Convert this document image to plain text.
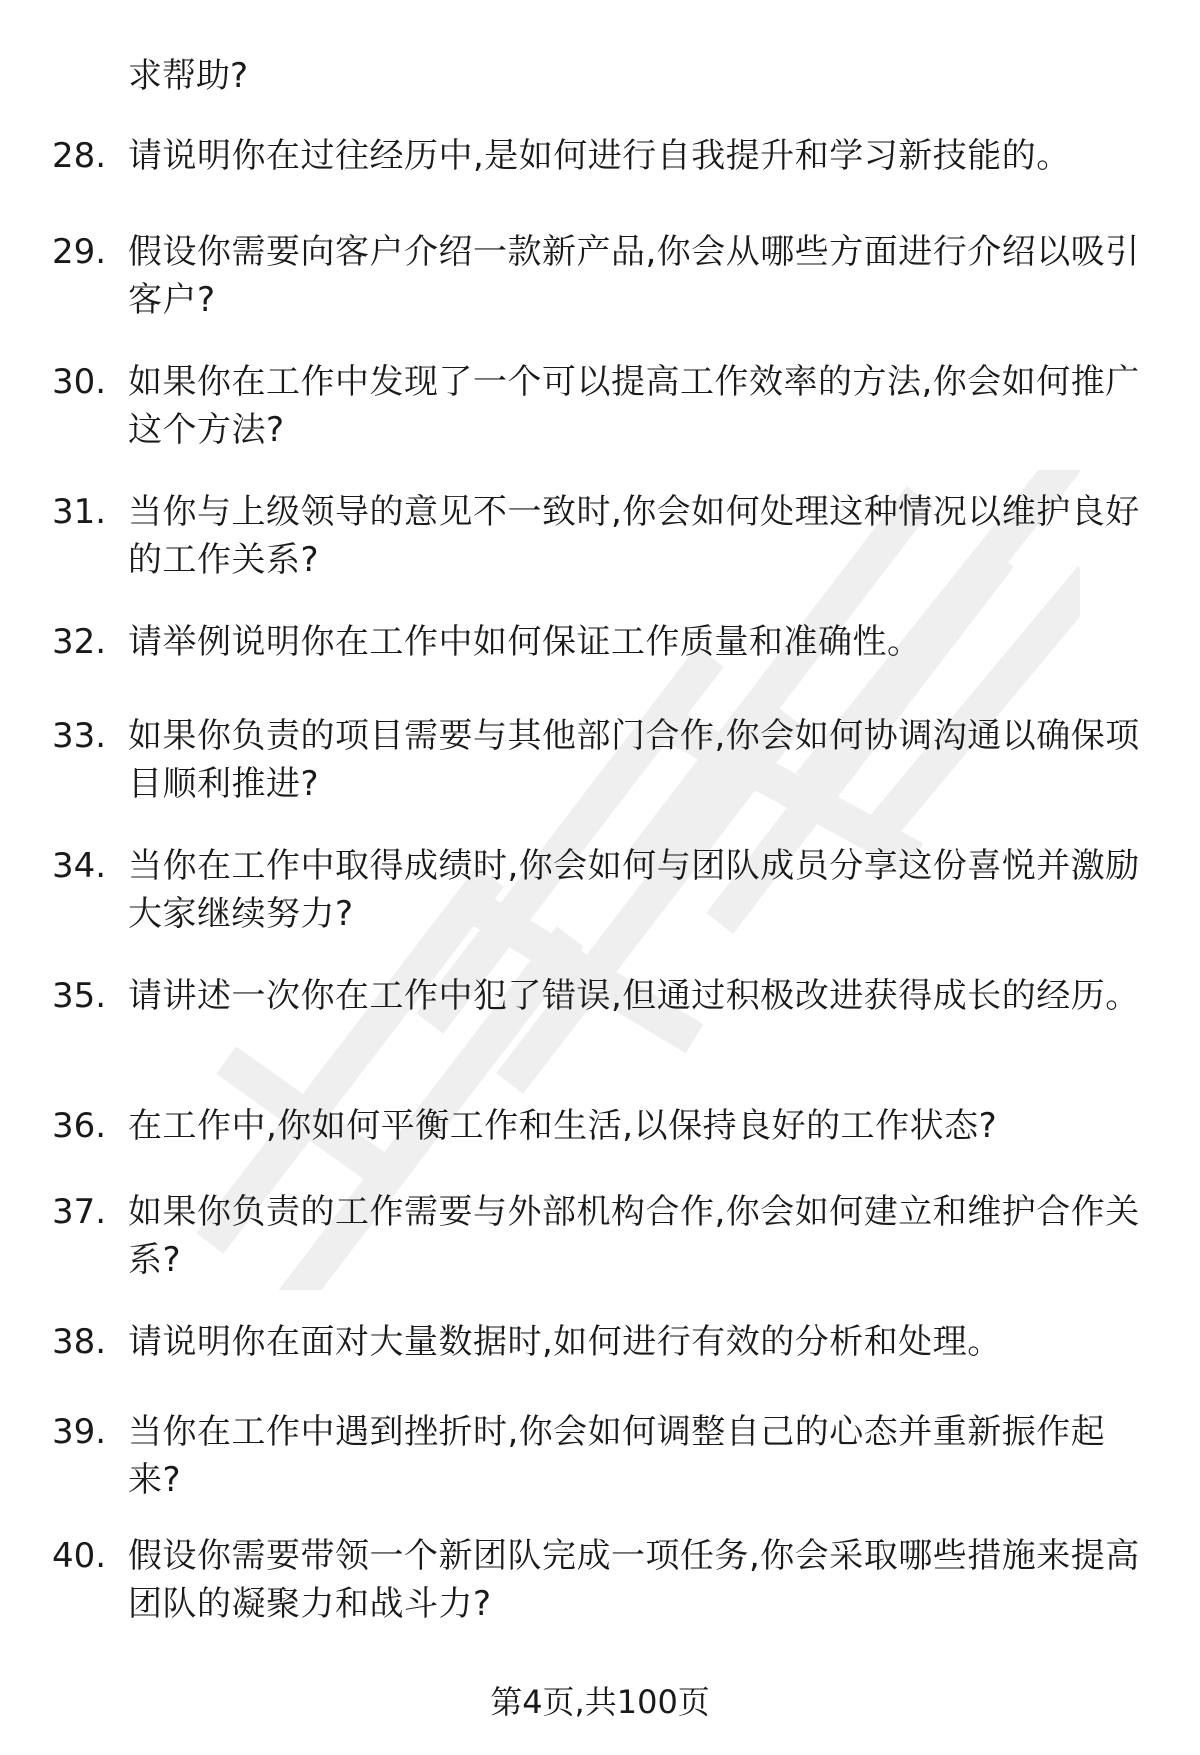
求帮助?

28. 请说明你在过往经历中,是如何进行自我提升和学习新技能的。
29. 假设你需要向客户介绍一款新产品,你会从哪些方面进行介绍以吸引客户?
30. 如果你在工作中发现了一个可以提高工作效率的方法,你会如何推广这个方法?
31. 当你与上级领导的意见不一致时,你会如何处理这种情况以维护良好的工作关系?
32. 请举例说明你在工作中如何保证工作质量和准确性。
33. 如果你负责的项目需要与其他部门合作,你会如何协调沟通以确保项目顺利推进?
34. 当你在工作中取得成绩时,你会如何与团队成员分享这份喜悦并激励大家继续努力?
35. 请讲述一次你在工作中犯了错误,但通过积极改进获得成长的经历。
36. 在工作中,你如何平衡工作和生活,以保持良好的工作状态?
37. 如果你负责的工作需要与外部机构合作,你会如何建立和维护合作关系?
38. 请说明你在面对大量数据时,如何进行有效的分析和处理。
39. 当你在工作中遇到挫折时,你会如何调整自己的心态并重新振作起来?
40. 假设你需要带领一个新团队完成一项任务,你会采取哪些措施来提高团队的凝聚力和战斗力?
第4页,共100页
